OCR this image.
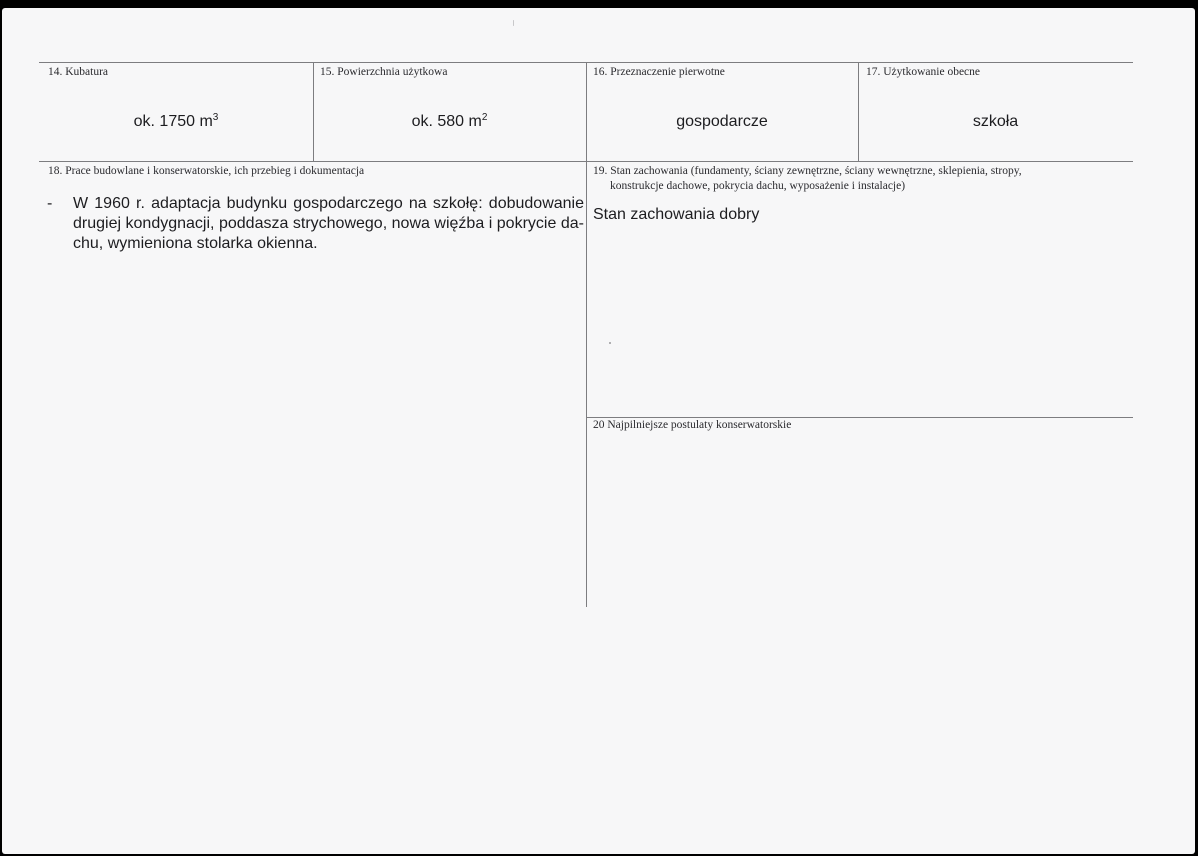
14. Kubatura
ok. 1750 $m^3$
15. Powierzchnia użytkowa
ok. 580 $m^2$
16. Przeznaczenie pierwotne
gospodarcze
17. Użytkowanie obecne
szkoła
18. Prace budowlane i konserwatorskie, ich przebieg i dokumentacja
- W 1960 r. adaptacja budynku gospodarczego na szkołę: dobudowanie
drugiej kondygnacji, poddasza strychowego, nowa więźba i pokrycie da-
chu, wymieniona stolarka okienna.
19. Stan zachowania (fundamenty, ściany zewnętrzne, ściany wewnętrzne, sklepienia, stropy,
konstrukcje dachowe, pokrycia dachu, wyposażenie i instalacje)
Stan zachowania dobry
20 Najpilniejsze postulaty konserwatorskie
